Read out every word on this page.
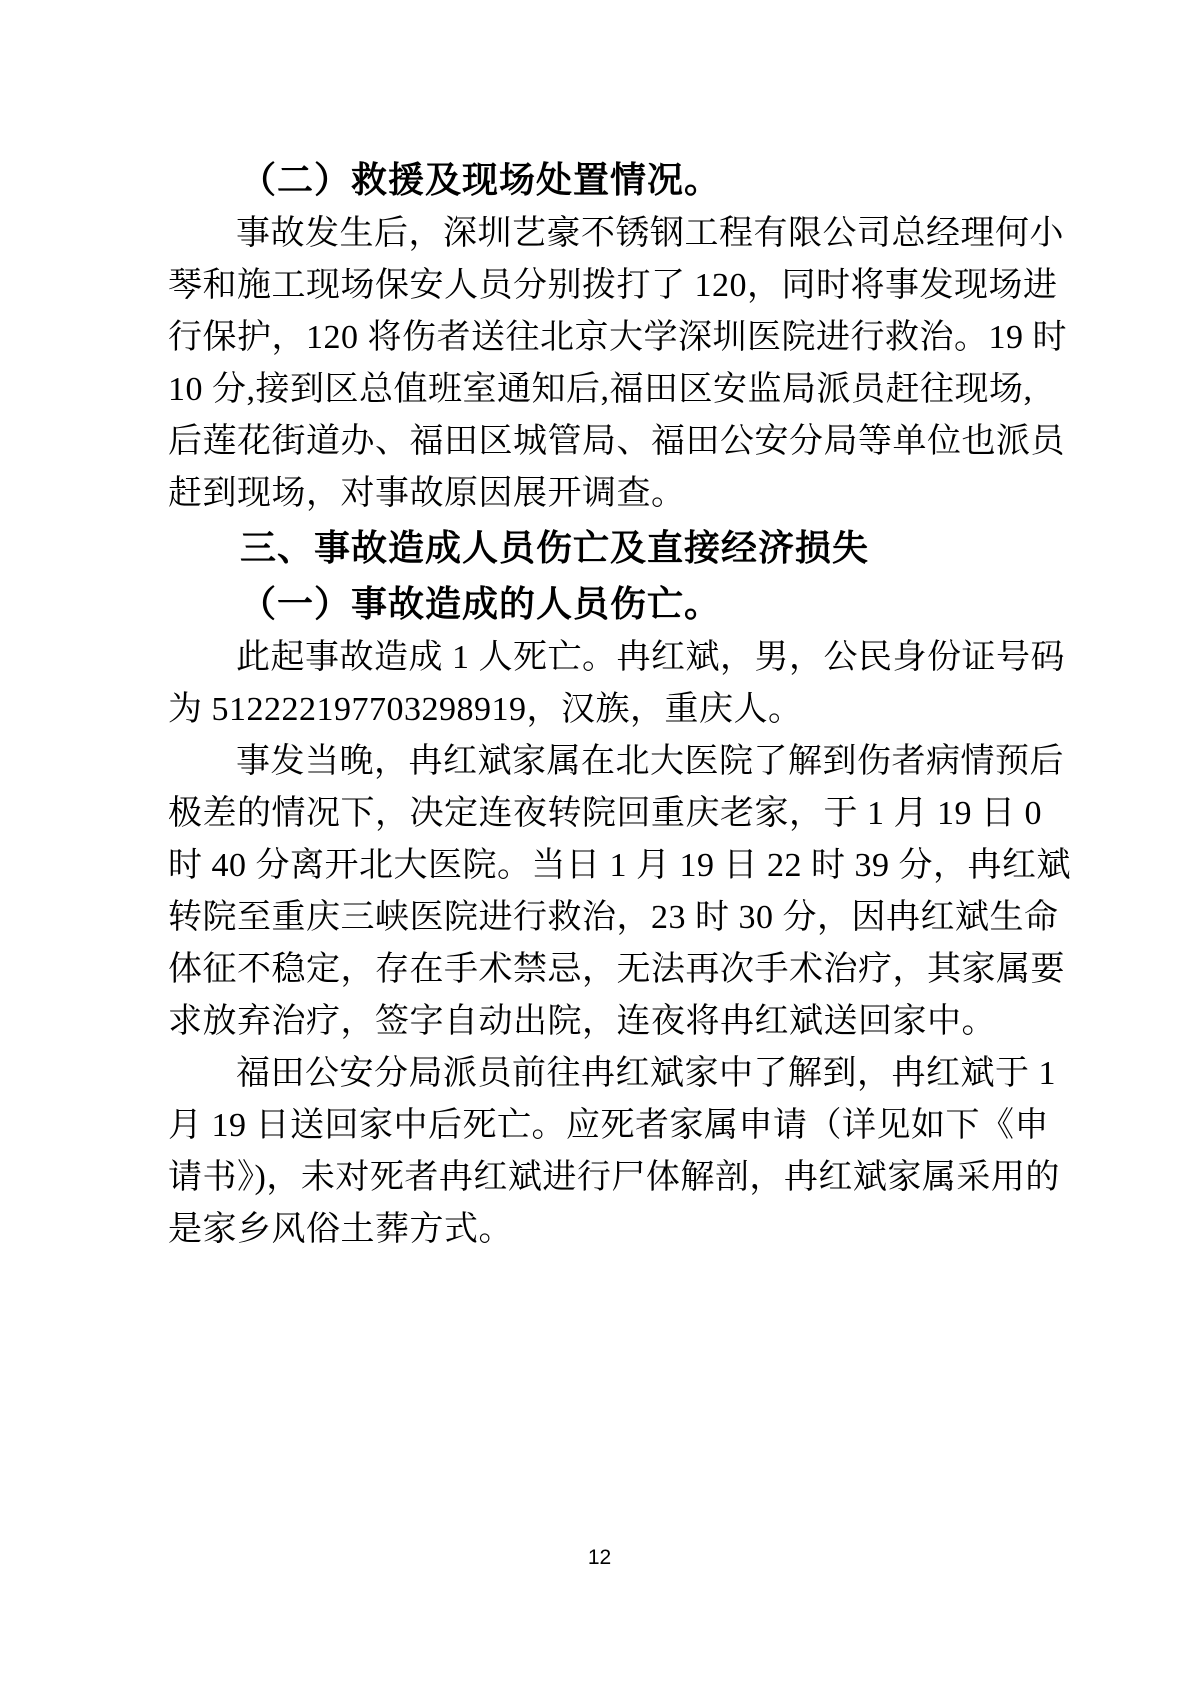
（二）救援及现场处置情况。
事故发生后，深圳艺豪不锈钢工程有限公司总经理何小
琴和施工现场保安人员分别拨打了 120，同时将事发现场进
行保护，120 将伤者送往北京大学深圳医院进行救治。19 时
10 分,接到区总值班室通知后,福田区安监局派员赶往现场,
后莲花街道办、福田区城管局、福田公安分局等单位也派员
赶到现场，对事故原因展开调查。
三、事故造成人员伤亡及直接经济损失
（一）事故造成的人员伤亡。
此起事故造成 1 人死亡。冉红斌，男，公民身份证号码
为 512222197703298919，汉族，重庆人。
事发当晚，冉红斌家属在北大医院了解到伤者病情预后
极差的情况下，决定连夜转院回重庆老家，于 1 月 19 日 0
时 40 分离开北大医院。当日 1 月 19 日 22 时 39 分，冉红斌
转院至重庆三峡医院进行救治，23 时 30 分，因冉红斌生命
体征不稳定，存在手术禁忌，无法再次手术治疗，其家属要
求放弃治疗，签字自动出院，连夜将冉红斌送回家中。
福田公安分局派员前往冉红斌家中了解到，冉红斌于 1
月 19 日送回家中后死亡。应死者家属申请（详见如下《申
请书》)，未对死者冉红斌进行尸体解剖，冉红斌家属采用的
是家乡风俗土葬方式。
12
